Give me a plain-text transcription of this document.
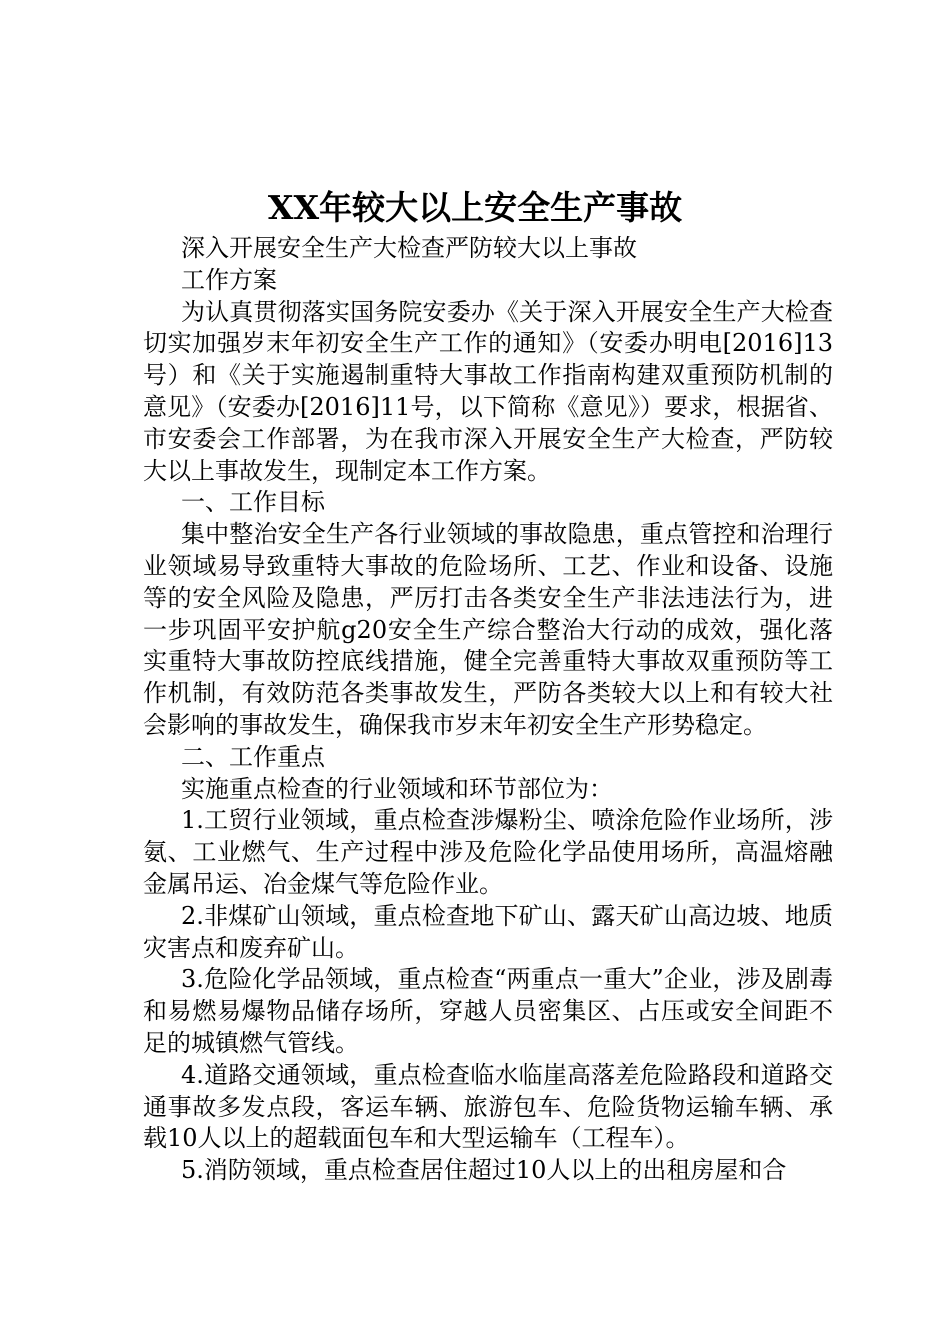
XX年较大以上安全生产事故

深入开展安全生产大检查严防较大以上事故

工作方案

为认真贯彻落实国务院安委办《关于深入开展安全生产大检查切实加强岁末年初安全生产工作的通知》（安委办明电[2016]13号）和《关于实施遏制重特大事故工作指南构建双重预防机制的意见》（安委办[2016]11号，以下简称《意见》）要求，根据省、市安委会工作部署，为在我市深入开展安全生产大检查，严防较大以上事故发生，现制定本工作方案。

一、工作目标

集中整治安全生产各行业领域的事故隐患，重点管控和治理行业领域易导致重特大事故的危险场所、工艺、作业和设备、设施等的安全风险及隐患，严厉打击各类安全生产非法违法行为，进一步巩固平安护航g20安全生产综合整治大行动的成效，强化落实重特大事故防控底线措施，健全完善重特大事故双重预防等工作机制，有效防范各类事故发生，严防各类较大以上和有较大社会影响的事故发生，确保我市岁末年初安全生产形势稳定。

二、工作重点

实施重点检查的行业领域和环节部位为：

1.工贸行业领域，重点检查涉爆粉尘、喷涂危险作业场所，涉氨、工业燃气、生产过程中涉及危险化学品使用场所，高温熔融金属吊运、冶金煤气等危险作业。

2.非煤矿山领域，重点检查地下矿山、露天矿山高边坡、地质灾害点和废弃矿山。

3.危险化学品领域，重点检查“两重点一重大”企业，涉及剧毒和易燃易爆物品储存场所，穿越人员密集区、占压或安全间距不足的城镇燃气管线。

4.道路交通领域，重点检查临水临崖高落差危险路段和道路交通事故多发点段，客运车辆、旅游包车、危险货物运输车辆、承载10人以上的超载面包车和大型运输车（工程车）。

5.消防领域，重点检查居住超过10人以上的出租房屋和合
